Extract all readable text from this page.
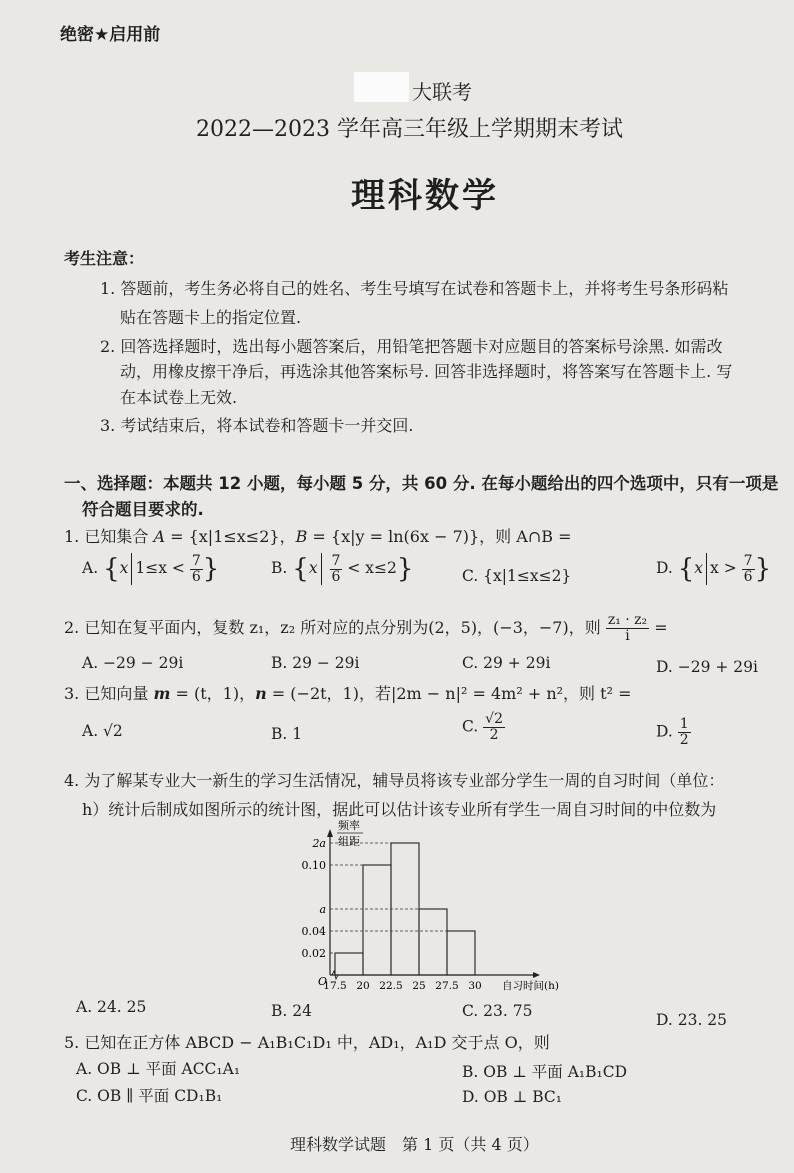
绝密★启用前
大联考
2022—2023 学年高三年级上学期期末考试
理科数学
考生注意：
1. 答题前，考生务必将自己的姓名、考生号填写在试卷和答题卡上，并将考生号条形码粘
贴在答题卡上的指定位置.
2. 回答选择题时，选出每小题答案后，用铅笔把答题卡对应题目的答案标号涂黑. 如需改
动，用橡皮擦干净后，再选涂其他答案标号. 回答非选择题时，将答案写在答题卡上. 写
在本试卷上无效.
3. 考试结束后，将本试卷和答题卡一并交回.
一、选择题：本题共 12 小题，每小题 5 分，共 60 分. 在每小题给出的四个选项中，只有一项是
符合题目要求的.
1. 已知集合 A = {x|1≤x≤2}，B = {x|y = ln(6x − 7)}，则 A∩B =
A. {x $1\le x < \frac{7}{6}$ }	B. $\{x \frac{7}{6} < x\le 2\}$	C. {x|1≤x≤2}	D. {x $x > \frac{7}{6}$ }
2. 已知在复平面内，复数 z₁，z₂ 所对应的点分别为(2，5)，(−3，−7)，则 $\frac{\text{z₁ · z₂}}{i}$ =
A. −29 − 29i	B. 29 − 29i	C. 29 + 29i	D. −29 + 29i
3. 已知向量 m = (t，1)，n = (−2t，1)，若|2m − n|² = 4m² + n²，则 t² =
A. √2	B. 1	C. $\frac{√2}{2}$	D. $\frac{1}{2}$
4. 为了解某专业大一新生的学习生活情况，辅导员将该专业部分学生一周的自习时间（单位：
h）统计后制成如图所示的统计图，据此可以估计该专业所有学生一周自习时间的中位数为
频率
组距
O
2a
0.10
a
0.04
0.02
17.5 20 22.5 25 27.5 30 自习时间(h)
A. 24. 25	B. 24	C. 23. 75	D. 23. 25
5. 已知在正方体 ABCD − A₁B₁C₁D₁ 中，AD₁，A₁D 交于点 O，则
A. OB ⊥ 平面 ACC₁A₁	B. OB ⊥ 平面 A₁B₁CD
C. OB ∥ 平面 CD₁B₁	D. OB ⊥ BC₁
理科数学试题　第 1 页（共 4 页）
